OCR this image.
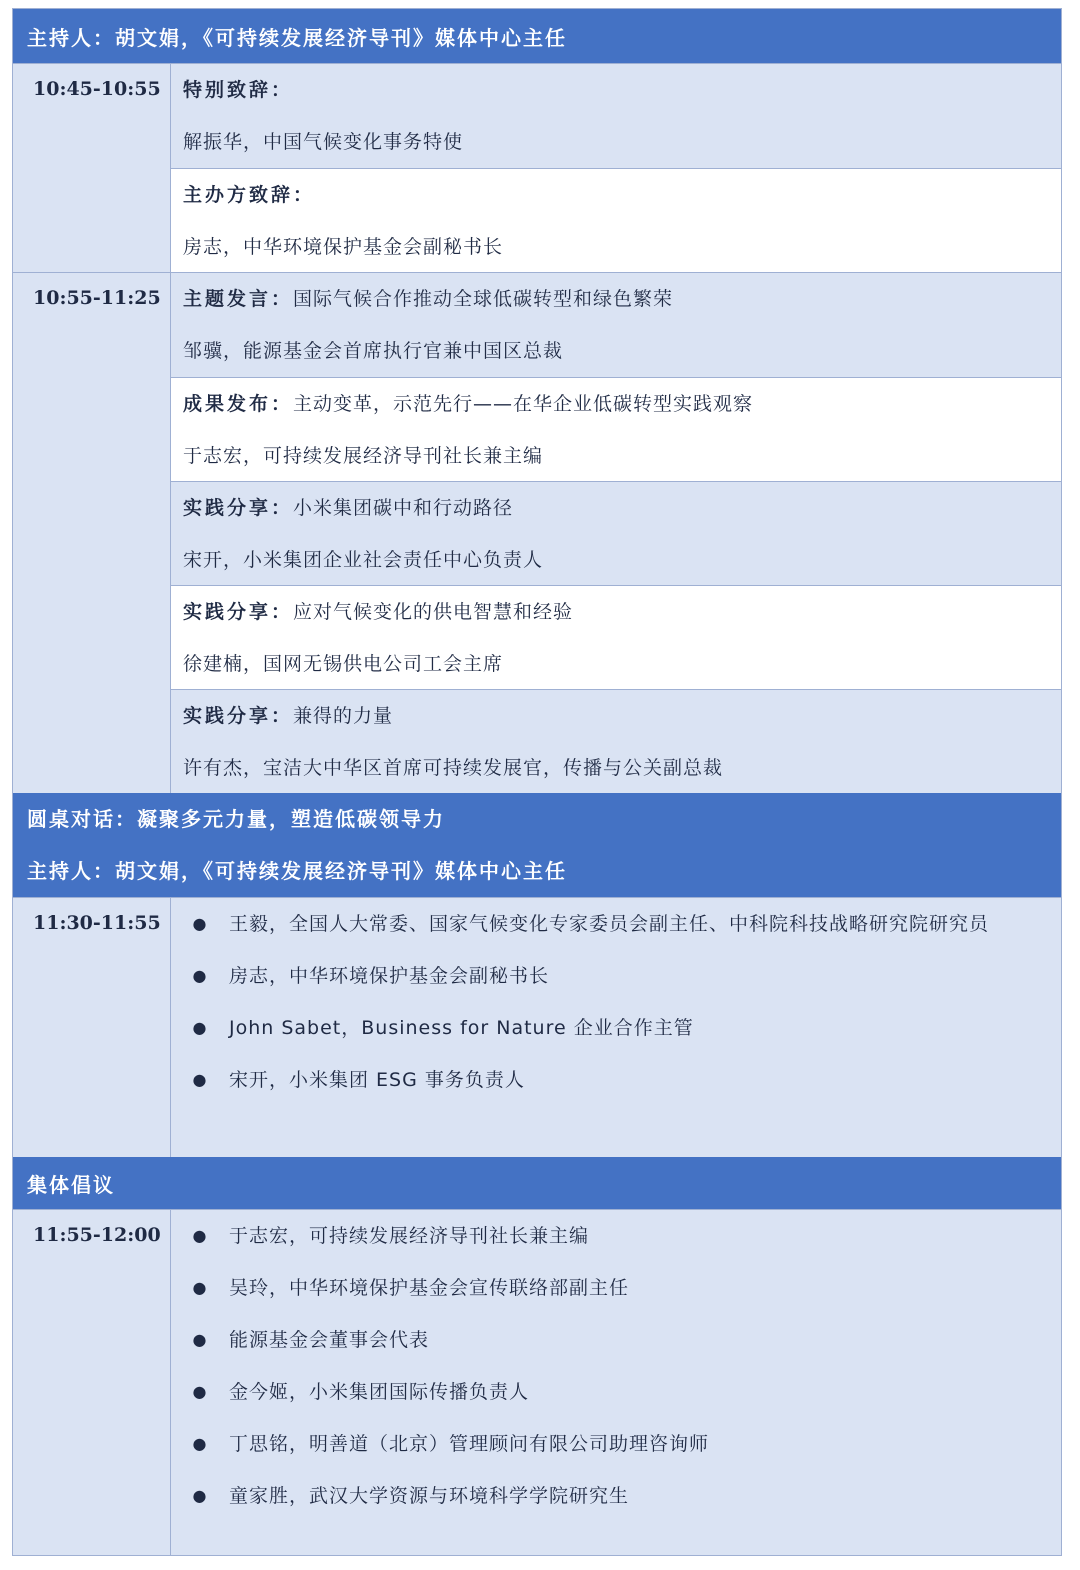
主持人：胡文娟，《可持续发展经济导刊》媒体中心主任
10:45-10:55	特别致辞：
解振华，中国气候变化事务特使
主办方致辞：
房志，中华环境保护基金会副秘书长
10:55-11:25	主题发言：国际气候合作推动全球低碳转型和绿色繁荣
邹骥，能源基金会首席执行官兼中国区总裁
成果发布：主动变革，示范先行——在华企业低碳转型实践观察
于志宏，可持续发展经济导刊社长兼主编
实践分享：小米集团碳中和行动路径
宋开，小米集团企业社会责任中心负责人
实践分享：应对气候变化的供电智慧和经验
徐建楠，国网无锡供电公司工会主席
实践分享：兼得的力量
许有杰，宝洁大中华区首席可持续发展官，传播与公关副总裁
圆桌对话：凝聚多元力量，塑造低碳领导力
主持人：胡文娟，《可持续发展经济导刊》媒体中心主任
11:30-11:55	●	王毅，全国人大常委、国家气候变化专家委员会副主任、中科院科技战略研究院研究员
●	房志，中华环境保护基金会副秘书长
●	John Sabet，Business for Nature 企业合作主管
●	宋开，小米集团 ESG 事务负责人
集体倡议
11:55-12:00	●	于志宏，可持续发展经济导刊社长兼主编
●	吴玲，中华环境保护基金会宣传联络部副主任
●	能源基金会董事会代表
●	金今姬，小米集团国际传播负责人
●	丁思铭，明善道（北京）管理顾问有限公司助理咨询师
●	童家胜，武汉大学资源与环境科学学院研究生
